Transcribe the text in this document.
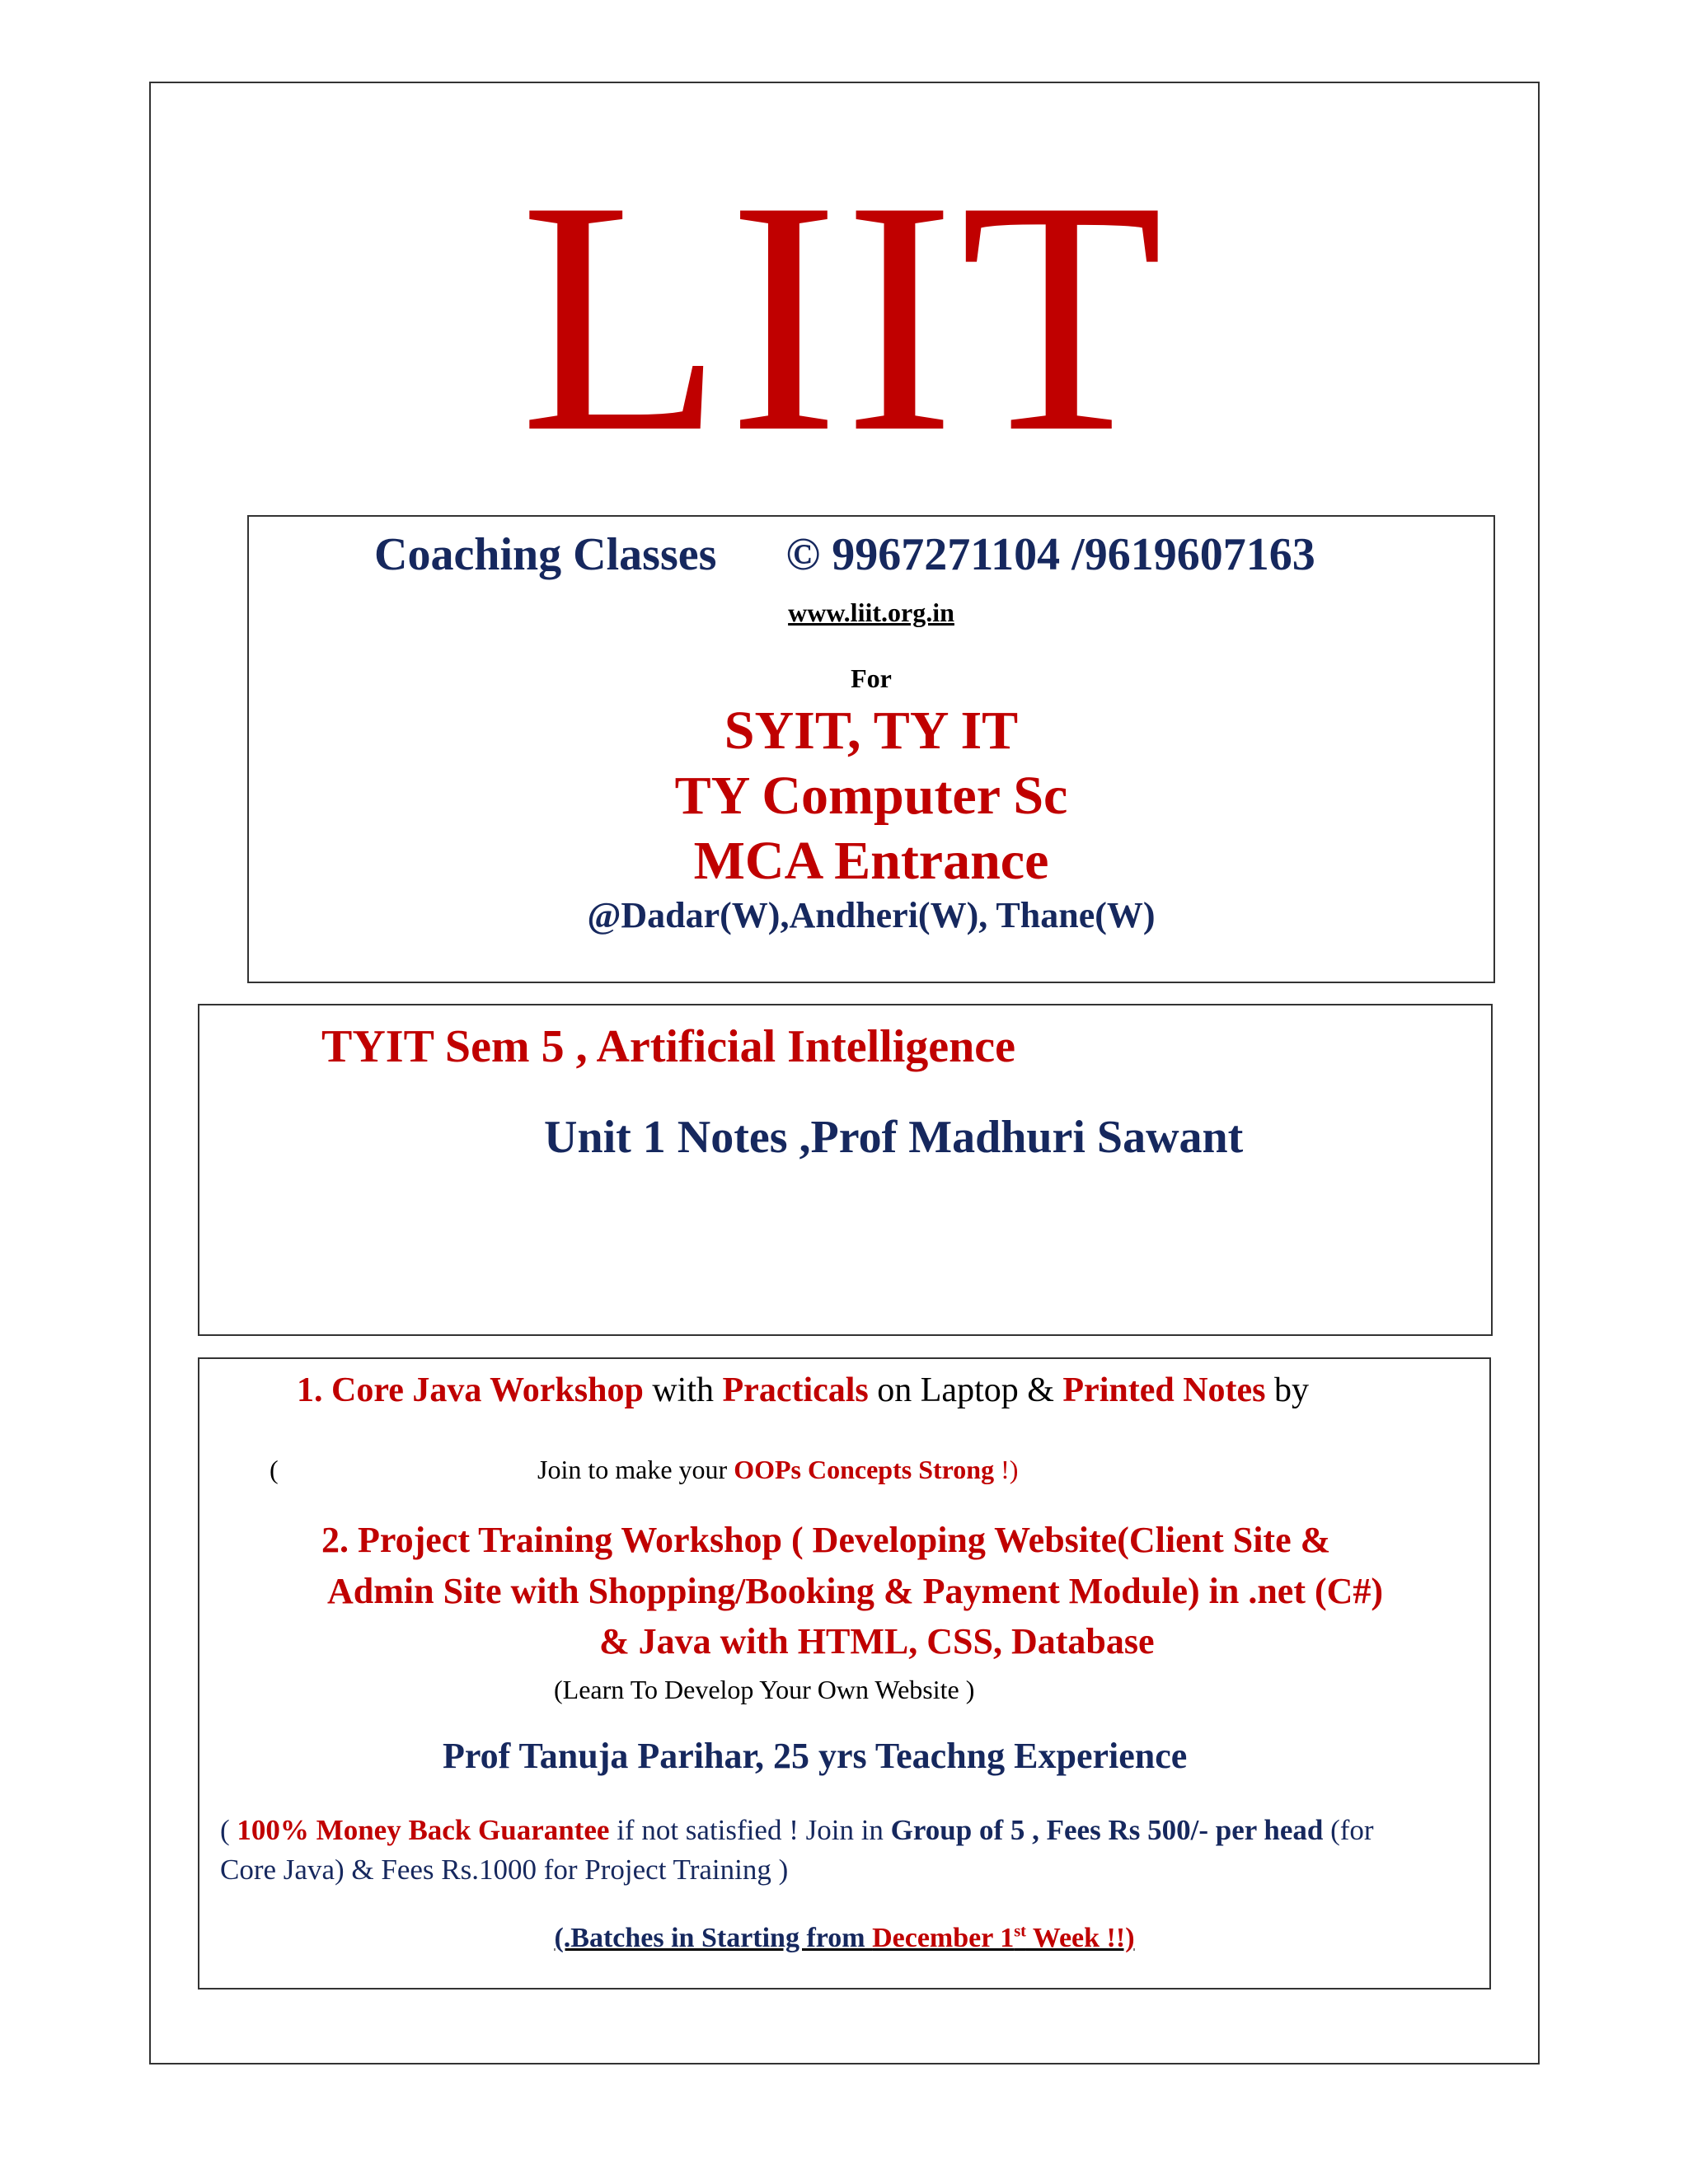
LIIT
Coaching Classes © 9967271104 /9619607163
www.liit.org.in
For
SYIT, TY IT
TY Computer Sc
MCA Entrance
@Dadar(W),Andheri(W), Thane(W)
TYIT Sem 5 , Artificial Intelligence
Unit 1 Notes ,Prof Madhuri Sawant
1. Core Java Workshop with Practicals on Laptop & Printed Notes by
(	Join to make your OOPs Concepts Strong !)
2. Project Training Workshop ( Developing Website(Client Site &
Admin Site with Shopping/Booking & Payment Module) in .net (C#)
& Java with HTML, CSS, Database
(Learn To Develop Your Own Website )
Prof Tanuja Parihar, 25 yrs Teachng Experience
( 100% Money Back Guarantee if not satisfied ! Join in Group of 5 , Fees Rs 500/- per head (for
Core Java) & Fees Rs.1000 for Project Training )
(.Batches in Starting from December 1st Week !!)
